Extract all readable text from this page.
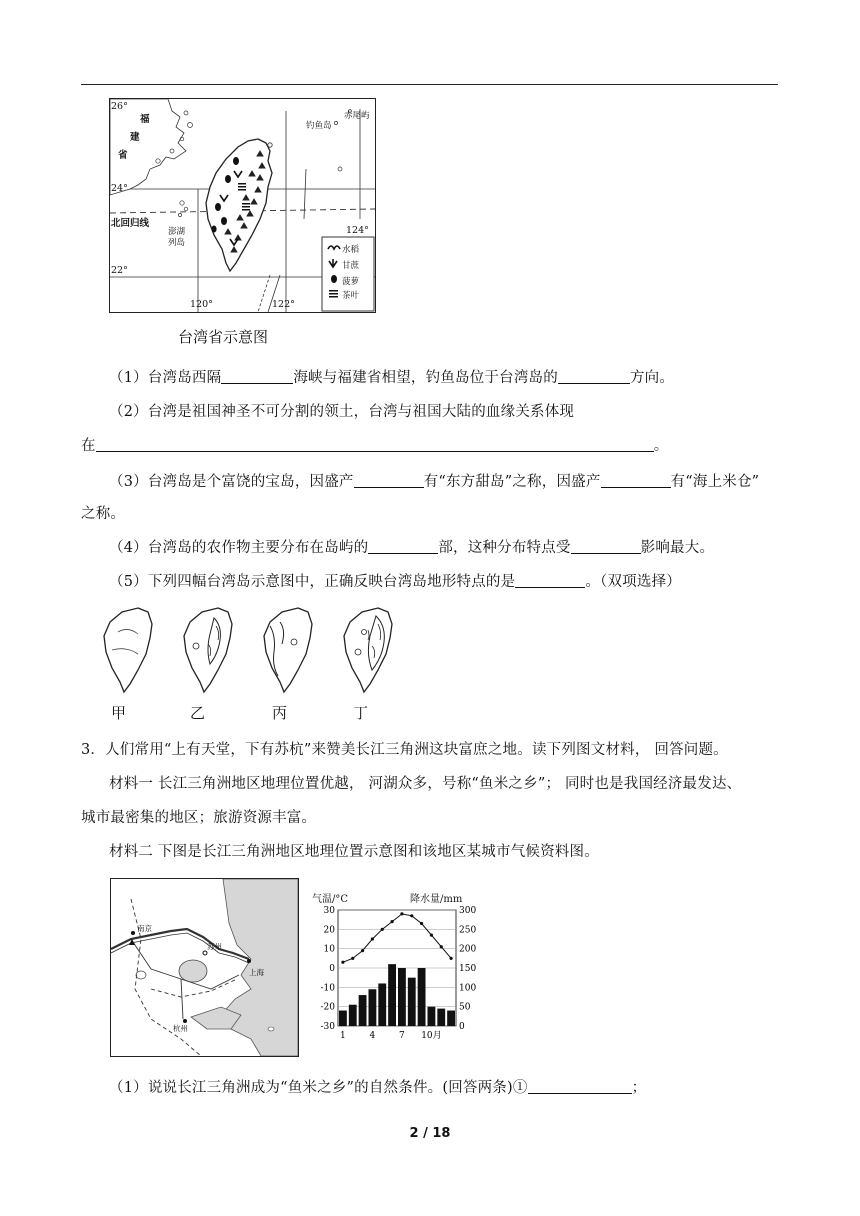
26°
24°
22°
120°	122°
124°
福
建
省
钓鱼岛
赤尾屿
北回归线
澎湖
列岛
水稻
甘蔗
菠萝
茶叶
台湾省示意图
（1）台湾岛西隔	海峡与福建省相望，钓鱼岛位于台湾岛的	方向。
（2）台湾是祖国神圣不可分割的领土，台湾与祖国大陆的血缘关系体现
在	。
（3）台湾岛是个富饶的宝岛，因盛产	有“东方甜岛”之称，因盛产	有“海上米仓”
之称。
（4）台湾岛的农作物主要分布在岛屿的	部，这种分布特点受	影响最大。
（5）下列四幅台湾岛示意图中，正确反映台湾岛地形特点的是	。（双项选择）
甲	乙	丙	丁
3．人们常用“上有天堂，下有苏杭”来赞美长江三角洲这块富庶之地。读下列图文材料， 回答问题。
材料一 长江三角洲地区地理位置优越， 河湖众多，号称“鱼米之乡”； 同时也是我国经济最发达、
城市最密集的地区；旅游资源丰富。
材料二 下图是长江三角洲地区地理位置示意图和该地区某城市气候资料图。
南京
苏州
上海
杭州
30
20
10
0
-10
-20
-30
300
250
200
150
100
50
0
1	4	7 10月
气温/°C	降水量/mm
（1）说说长江三角洲成为“鱼米之乡”的自然条件。(回答两条)①	；
2 / 18
